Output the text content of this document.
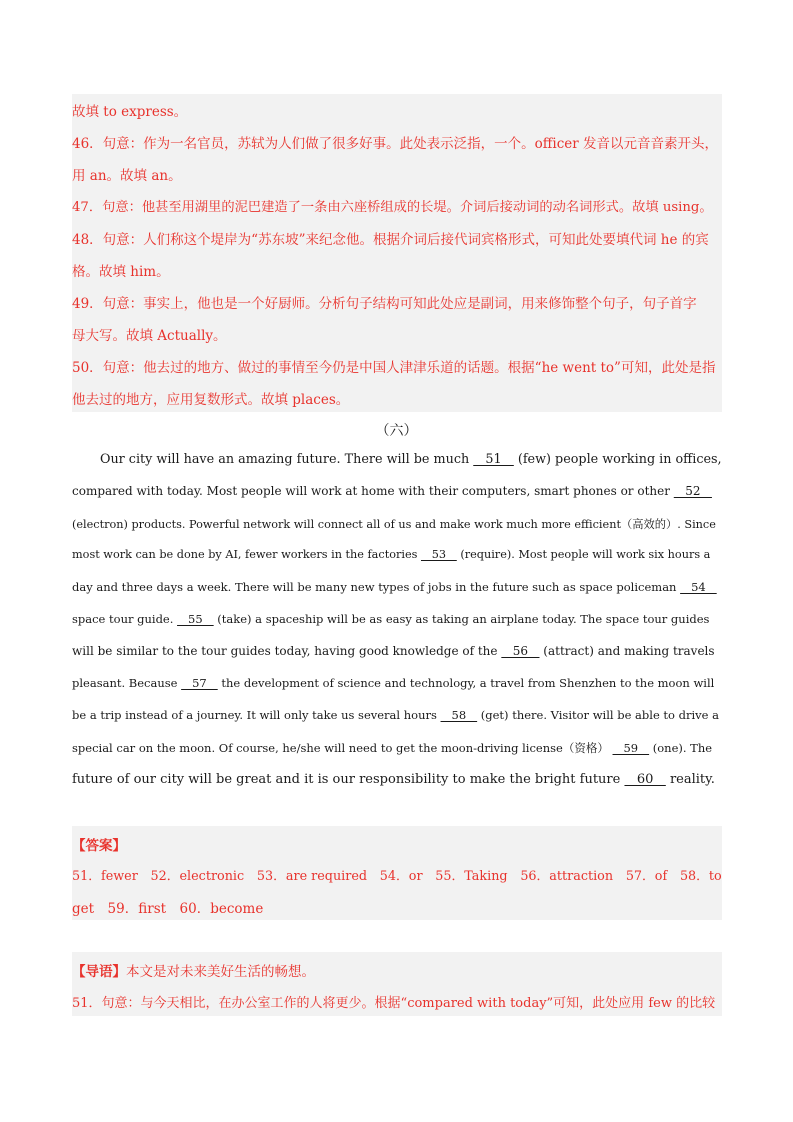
故填 to express。
46．句意：作为一名官员，苏轼为人们做了很多好事。此处表示泛指，一个。officer 发音以元音音素开头，
用 an。故填 an。
47．句意：他甚至用湖里的泥巴建造了一条由六座桥组成的长堤。介词后接动词的动名词形式。故填 using。
48．句意：人们称这个堤岸为“苏东坡”来纪念他。根据介词后接代词宾格形式，可知此处要填代词 he 的宾
格。故填 him。
49．句意：事实上，他也是一个好厨师。分析句子结构可知此处应是副词，用来修饰整个句子，句子首字
母大写。故填 Actually。
50．句意：他去过的地方、做过的事情至今仍是中国人津津乐道的话题。根据“he went to”可知，此处是指
他去过的地方，应用复数形式。故填 places。
（六）
Our city will have an amazing future. There will be much    51    (few) people working in offices,
compared with today. Most people will work at home with their computers, smart phones or other    52
(electron) products. Powerful network will connect all of us and make work much more efficient（高效的）. Since
most work can be done by AI, fewer workers in the factories    53    (require). Most people will work six hours a
day and three days a week. There will be many new types of jobs in the future such as space policeman    54
space tour guide.    55    (take) a spaceship will be as easy as taking an airplane today. The space tour guides
will be similar to the tour guides today, having good knowledge of the    56    (attract) and making travels
pleasant. Because    57    the development of science and technology, a travel from Shenzhen to the moon will
be a trip instead of a journey. It will only take us several hours    58    (get) there. Visitor will be able to drive a
special car on the moon. Of course, he/she will need to get the moon-driving license（资格）    59    (one). The
future of our city will be great and it is our responsibility to make the bright future    60    reality.
【答案】
51．fewer　52．electronic　53．are required　54．or　55．Taking　56．attraction　57．of　58．to
get　59．first　60．become
【导语】本文是对未来美好生活的畅想。
51．句意：与今天相比，在办公室工作的人将更少。根据“compared with today”可知，此处应用 few 的比较
